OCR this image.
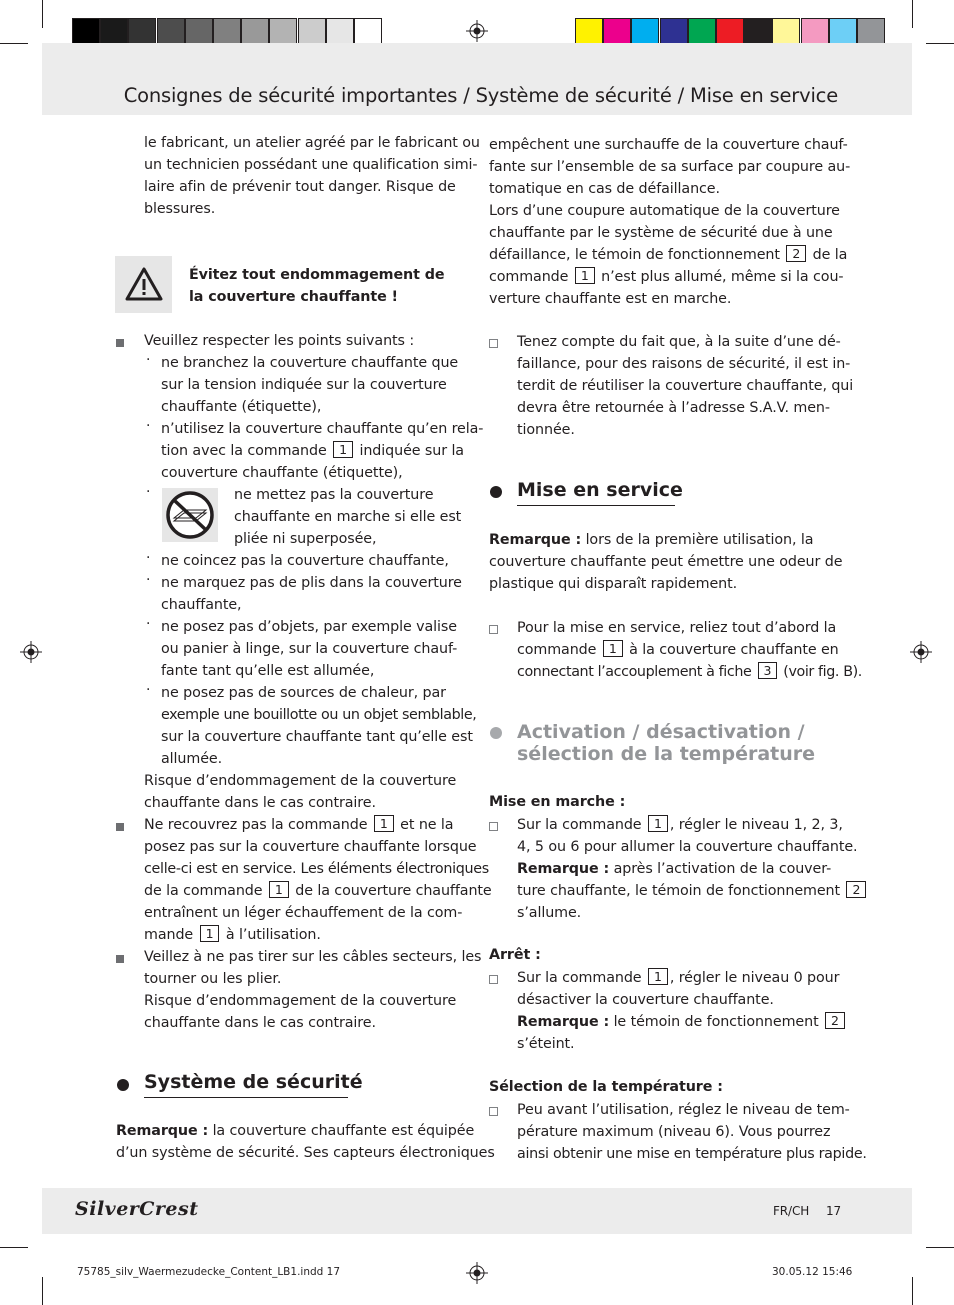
Consignes de sécurité importantes / Système de sécurité / Mise en service
le fabricant, un atelier agréé par le fabricant ou
un technicien possédant une qualification simi-
laire afin de prévenir tout danger. Risque de
blessures.
Évitez tout endommagement de
la couverture chauffante !
Veuillez respecter les points suivants :
· ne branchez la couverture chauffante que
sur la tension indiquée sur la couverture
chauffante (étiquette),
· n’utilisez la couverture chauffante qu’en rela-
tion avec la commande 1 indiquée sur la
couverture chauffante (étiquette),
·	ne mettez pas la couverture
chauffante en marche si elle est
pliée ni superposée,
· ne coincez pas la couverture chauffante,
· ne marquez pas de plis dans la couverture
chauffante,
· ne posez pas d’objets, par exemple valise
ou panier à linge, sur la couverture chauf-
fante tant qu’elle est allumée,
· ne posez pas de sources de chaleur, par
exemple une bouillotte ou un objet semblable,
sur la couverture chauffante tant qu’elle est
allumée.
Risque d’endommagement de la couverture
chauffante dans le cas contraire.
Ne recouvrez pas la commande 1 et ne la
posez pas sur la couverture chauffante lorsque
celle-ci est en service. Les éléments électroniques
de la commande 1 de la couverture chauffante
entraînent un léger échauffement de la com-
mande 1 à l’utilisation.
Veillez à ne pas tirer sur les câbles secteurs, les
tourner ou les plier.
Risque d’endommagement de la couverture
chauffante dans le cas contraire.
Système de sécurité
Remarque : la couverture chauffante est équipée
d’un système de sécurité. Ses capteurs électroniques
empêchent une surchauffe de la couverture chauf-
fante sur l’ensemble de sa surface par coupure au-
tomatique en cas de défaillance.
Lors d’une coupure automatique de la couverture
chauffante par le système de sécurité due à une
défaillance, le témoin de fonctionnement 2 de la
commande 1 n’est plus allumé, même si la cou-
verture chauffante est en marche.
Tenez compte du fait que, à la suite d’une dé-
faillance, pour des raisons de sécurité, il est in-
terdit de réutiliser la couverture chauffante, qui
devra être retournée à l’adresse S.A.V. men-
tionnée.
Mise en service
Remarque : lors de la première utilisation, la
couverture chauffante peut émettre une odeur de
plastique qui disparaît rapidement.
Pour la mise en service, reliez tout d’abord la
commande 1 à la couverture chauffante en
connectant l’accouplement à fiche 3 (voir fig. B).
Activation / désactivation /
sélection de la température
Mise en marche :
Sur la commande 1 , régler le niveau 1, 2, 3,
4, 5 ou 6 pour allumer la couverture chauffante.
Remarque : après l’activation de la couver-
ture chauffante, le témoin de fonctionnement 2
s’allume.
Arrêt :
Sur la commande 1 , régler le niveau 0 pour
désactiver la couverture chauffante.
Remarque : le témoin de fonctionnement 2
s’éteint.
Sélection de la température :
Peu avant l’utilisation, réglez le niveau de tem-
pérature maximum (niveau 6). Vous pourrez
ainsi obtenir une mise en température plus rapide.
SilverCrest	FR/CH 17
75785_silv_Waermezudecke_Content_LB1.indd 17	30.05.12 15:46
